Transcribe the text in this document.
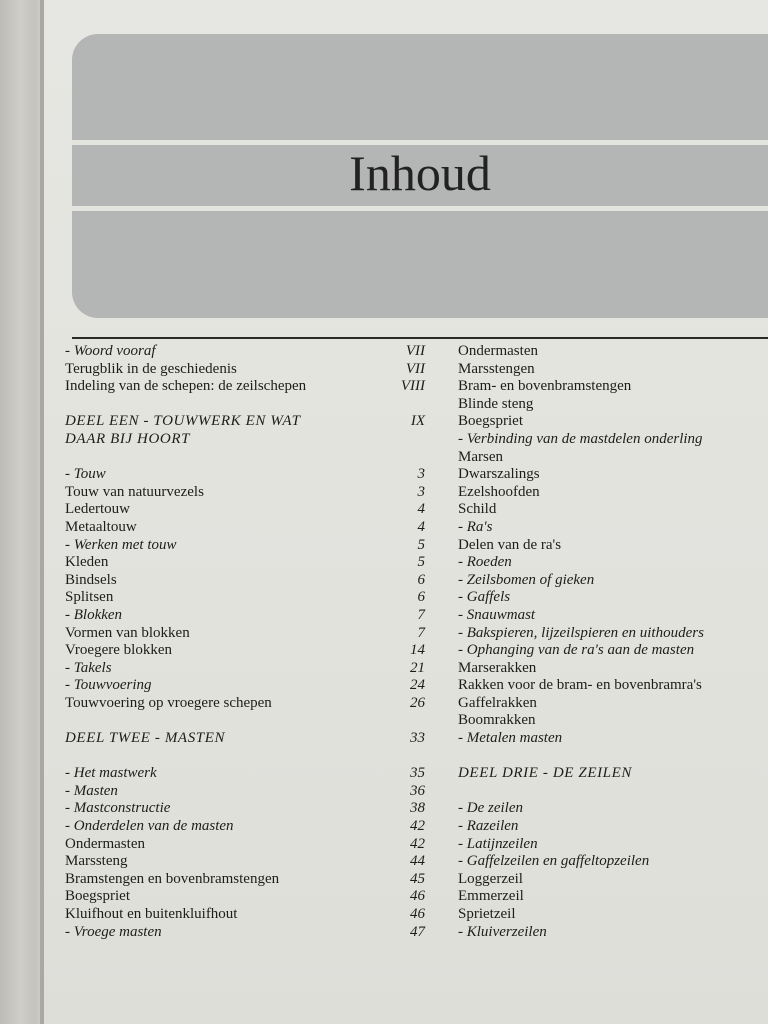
Inhoud
- Woord vooraf	VII
Terugblik in de geschiedenis	VII
Indeling van de schepen: de zeilschepen	VIII
DEEL EEN - TOUWWERK EN WAT	IX
DAAR BIJ HOORT
- Touw	3
Touw van natuurvezels	3
Ledertouw	4
Metaaltouw	4
- Werken met touw	5
Kleden	5
Bindsels	6
Splitsen	6
- Blokken	7
Vormen van blokken	7
Vroegere blokken	14
- Takels	21
- Touwvoering	24
Touwvoering op vroegere schepen	26
DEEL TWEE - MASTEN	33
- Het mastwerk	35
- Masten	36
- Mastconstructie	38
- Onderdelen van de masten	42
Ondermasten	42
Marssteng	44
Bramstengen en bovenbramstengen	45
Boegspriet	46
Kluifhout en buitenkluifhout	46
- Vroege masten	47
Ondermasten
Marsstengen
Bram- en bovenbramstengen
Blinde steng
Boegspriet
- Verbinding van de mastdelen onderling
Marsen
Dwarszalings
Ezelshoofden
Schild
- Ra's
Delen van de ra's
- Roeden
- Zeilsbomen of gieken
- Gaffels
- Snauwmast
- Bakspieren, lijzeilspieren en uithouders
- Ophanging van de ra's aan de masten
Marserakken
Rakken voor de bram- en bovenbramra's
Gaffelrakken
Boomrakken
- Metalen masten
DEEL DRIE - DE ZEILEN
- De zeilen
- Razeilen
- Latijnzeilen
- Gaffelzeilen en gaffeltopzeilen
Loggerzeil
Emmerzeil
Sprietzeil
- Kluiverzeilen
